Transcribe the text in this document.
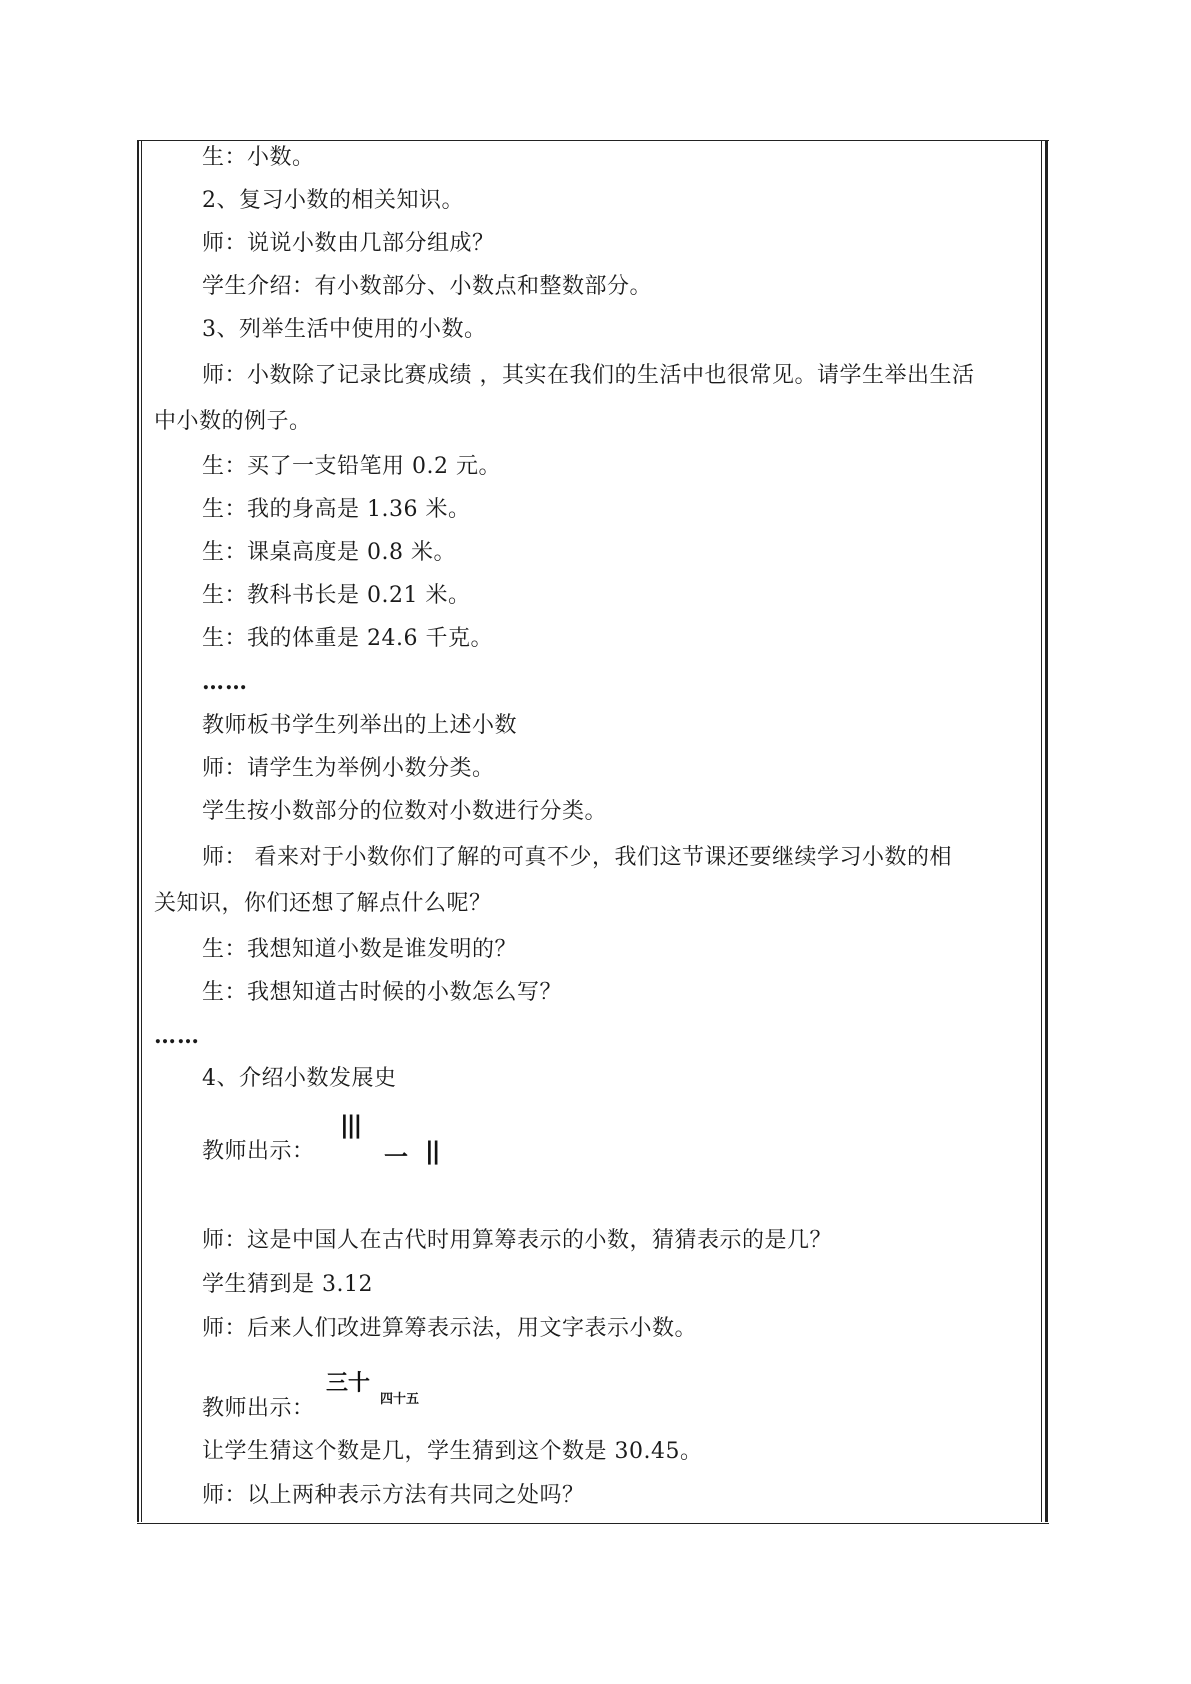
生：小数。
2、复习小数的相关知识。
师：说说小数由几部分组成？
学生介绍：有小数部分、小数点和整数部分。
3、列举生活中使用的小数。
师：小数除了记录比赛成绩 ，其实在我们的生活中也很常见。请学生举出生活
中小数的例子。
生：买了一支铅笔用 0.2 元。
生：我的身高是 1.36 米。
生：课桌高度是 0.8 米。
生：教科书长是 0.21 米。
生：我的体重是 24.6 千克。
……
教师板书学生列举出的上述小数
师：请学生为举例小数分类。
学生按小数部分的位数对小数进行分类。
师： 看来对于小数你们了解的可真不少，我们这节课还要继续学习小数的相
关知识，你们还想了解点什么呢？
生：我想知道小数是谁发明的？
生：我想知道古时候的小数怎么写？
……
4、介绍小数发展史
教师出示：
|||
一 ||
师：这是中国人在古代时用算筹表示的小数，猜猜表示的是几？
学生猜到是 3.12
师：后来人们改进算筹表示法，用文字表示小数。
教师出示：
三十
四十五
让学生猜这个数是几，学生猜到这个数是 30.45。
师：以上两种表示方法有共同之处吗？
